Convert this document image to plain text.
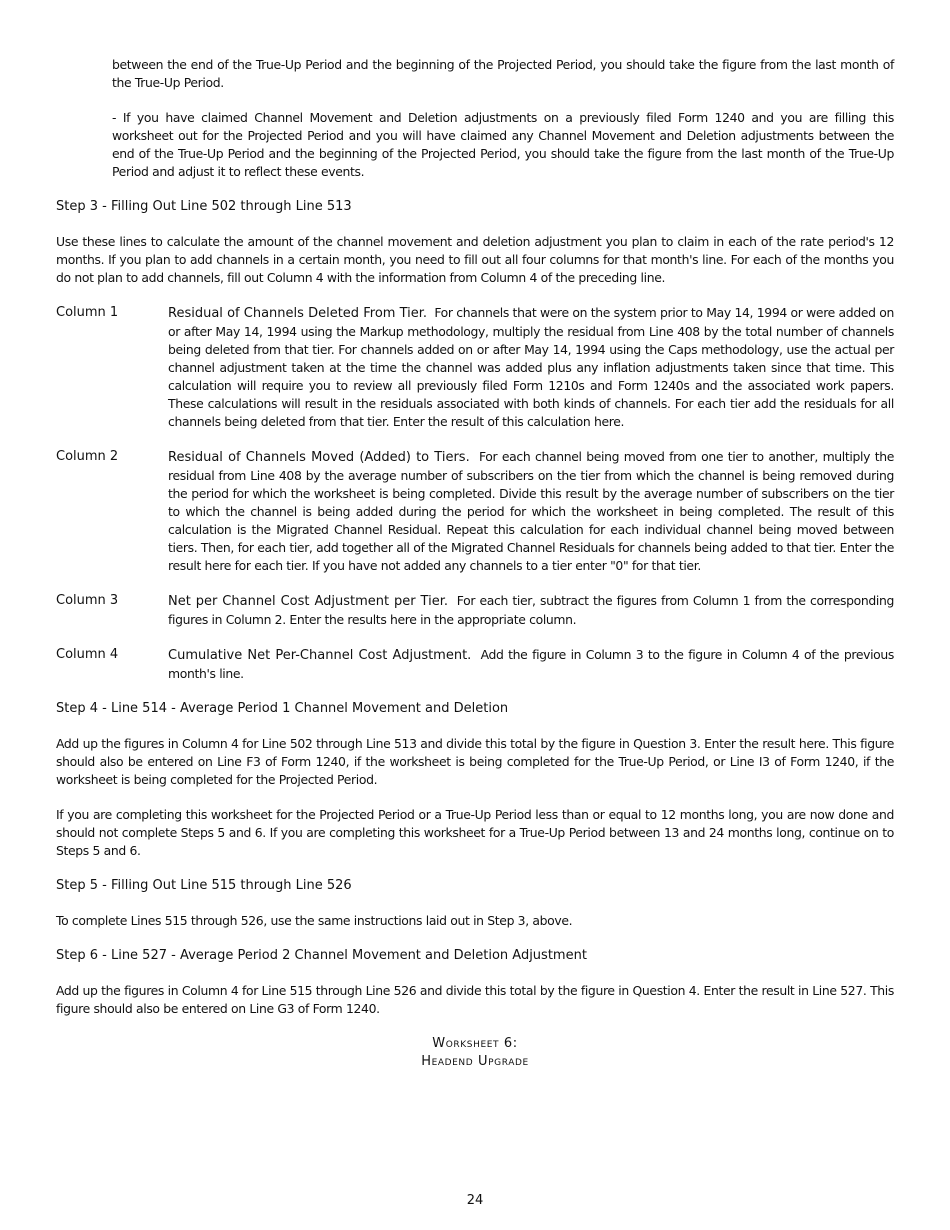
between the end of the True-Up Period and the beginning of the Projected Period, you should take the figure from the last month of the True-Up Period.

- If you have claimed Channel Movement and Deletion adjustments on a previously filed Form 1240 and you are filling this worksheet out for the Projected Period and you will have claimed any Channel Movement and Deletion adjustments between the end of the True-Up Period and the beginning of the Projected Period, you should take the figure from the last month of the True-Up Period and adjust it to reflect these events.

Step 3 - Filling Out Line 502 through Line 513

Use these lines to calculate the amount of the channel movement and deletion adjustment you plan to claim in each of the rate period's 12 months. If you plan to add channels in a certain month, you need to fill out all four columns for that month's line. For each of the months you do not plan to add channels, fill out Column 4 with the information from Column 4 of the preceding line.

Column 1	Residual of Channels Deleted From Tier. For channels that were on the system prior to May 14, 1994 or were added on or after May 14, 1994 using the Markup methodology, multiply the residual from Line 408 by the total number of channels being deleted from that tier. For channels added on or after May 14, 1994 using the Caps methodology, use the actual per channel adjustment taken at the time the channel was added plus any inflation adjustments taken since that time. This calculation will require you to review all previously filed Form 1210s and Form 1240s and the associated work papers. These calculations will result in the residuals associated with both kinds of channels. For each tier add the residuals for all channels being deleted from that tier. Enter the result of this calculation here.
Column 2	Residual of Channels Moved (Added) to Tiers. For each channel being moved from one tier to another, multiply the residual from Line 408 by the average number of subscribers on the tier from which the channel is being removed during the period for which the worksheet is being completed. Divide this result by the average number of subscribers on the tier to which the channel is being added during the period for which the worksheet in being completed. The result of this calculation is the Migrated Channel Residual. Repeat this calculation for each individual channel being moved between tiers. Then, for each tier, add together all of the Migrated Channel Residuals for channels being added to that tier. Enter the result here for each tier. If you have not added any channels to a tier enter "0" for that tier.
Column 3	Net per Channel Cost Adjustment per Tier. For each tier, subtract the figures from Column 1 from the corresponding figures in Column 2. Enter the results here in the appropriate column.
Column 4	Cumulative Net Per-Channel Cost Adjustment. Add the figure in Column 3 to the figure in Column 4 of the previous month's line.
Step 4 - Line 514 - Average Period 1 Channel Movement and Deletion

Add up the figures in Column 4 for Line 502 through Line 513 and divide this total by the figure in Question 3. Enter the result here. This figure should also be entered on Line F3 of Form 1240, if the worksheet is being completed for the True-Up Period, or Line I3 of Form 1240, if the worksheet is being completed for the Projected Period.

If you are completing this worksheet for the Projected Period or a True-Up Period less than or equal to 12 months long, you are now done and should not complete Steps 5 and 6. If you are completing this worksheet for a True-Up Period between 13 and 24 months long, continue on to Steps 5 and 6.

Step 5 - Filling Out Line 515 through Line 526

To complete Lines 515 through 526, use the same instructions laid out in Step 3, above.

Step 6 - Line 527 - Average Period 2 Channel Movement and Deletion Adjustment

Add up the figures in Column 4 for Line 515 through Line 526 and divide this total by the figure in Question 4. Enter the result in Line 527. This figure should also be entered on Line G3 of Form 1240.

Worksheet 6:
Headend Upgrade
24
